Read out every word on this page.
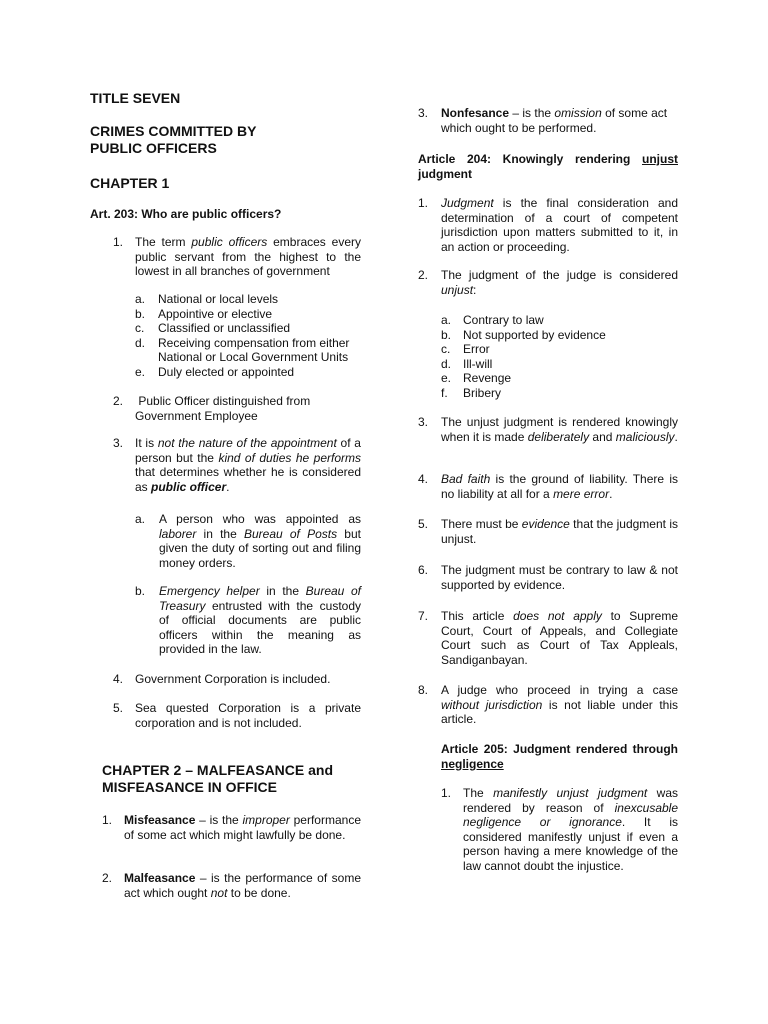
TITLE SEVEN
CRIMES COMMITTED BY
PUBLIC OFFICERS
CHAPTER 1
Art. 203: Who are public officers?
1. The term public officers embraces every public servant from the highest to the lowest in all branches of government
a. National or local levels
b. Appointive or elective
c. Classified or unclassified
d. Receiving compensation from either National or Local Government Units
e. Duly elected or appointed
2. Public Officer distinguished from Government Employee
3. It is not the nature of the appointment of a person but the kind of duties he performs that determines whether he is considered as public officer.
a. A person who was appointed as laborer in the Bureau of Posts but given the duty of sorting out and filing money orders.
b. Emergency helper in the Bureau of Treasury entrusted with the custody of official documents are public officers within the meaning as provided in the law.
4. Government Corporation is included.
5. Sea quested Corporation is a private corporation and is not included.
CHAPTER 2 – MALFEASANCE and
MISFEASANCE IN OFFICE
1. Misfeasance – is the improper performance of some act which might lawfully be done.
2. Malfeasance – is the performance of some act which ought not to be done.
3. Nonfesance – is the omission of some act which ought to be performed.
Article 204: Knowingly rendering unjust judgment
1. Judgment is the final consideration and determination of a court of competent jurisdiction upon matters submitted to it, in an action or proceeding.
2. The judgment of the judge is considered unjust:
a. Contrary to law
b. Not supported by evidence
c. Error
d. Ill-will
e. Revenge
f. Bribery
3. The unjust judgment is rendered knowingly when it is made deliberately and maliciously.
4. Bad faith is the ground of liability. There is no liability at all for a mere error.
5. There must be evidence that the judgment is unjust.
6. The judgment must be contrary to law & not supported by evidence.
7. This article does not apply to Supreme Court, Court of Appeals, and Collegiate Court such as Court of Tax Appleals, Sandiganbayan.
8. A judge who proceed in trying a case without jurisdiction is not liable under this article.
Article 205: Judgment rendered through negligence
1. The manifestly unjust judgment was rendered by reason of inexcusable negligence or ignorance. It is considered manifestly unjust if even a person having a mere knowledge of the law cannot doubt the injustice.
